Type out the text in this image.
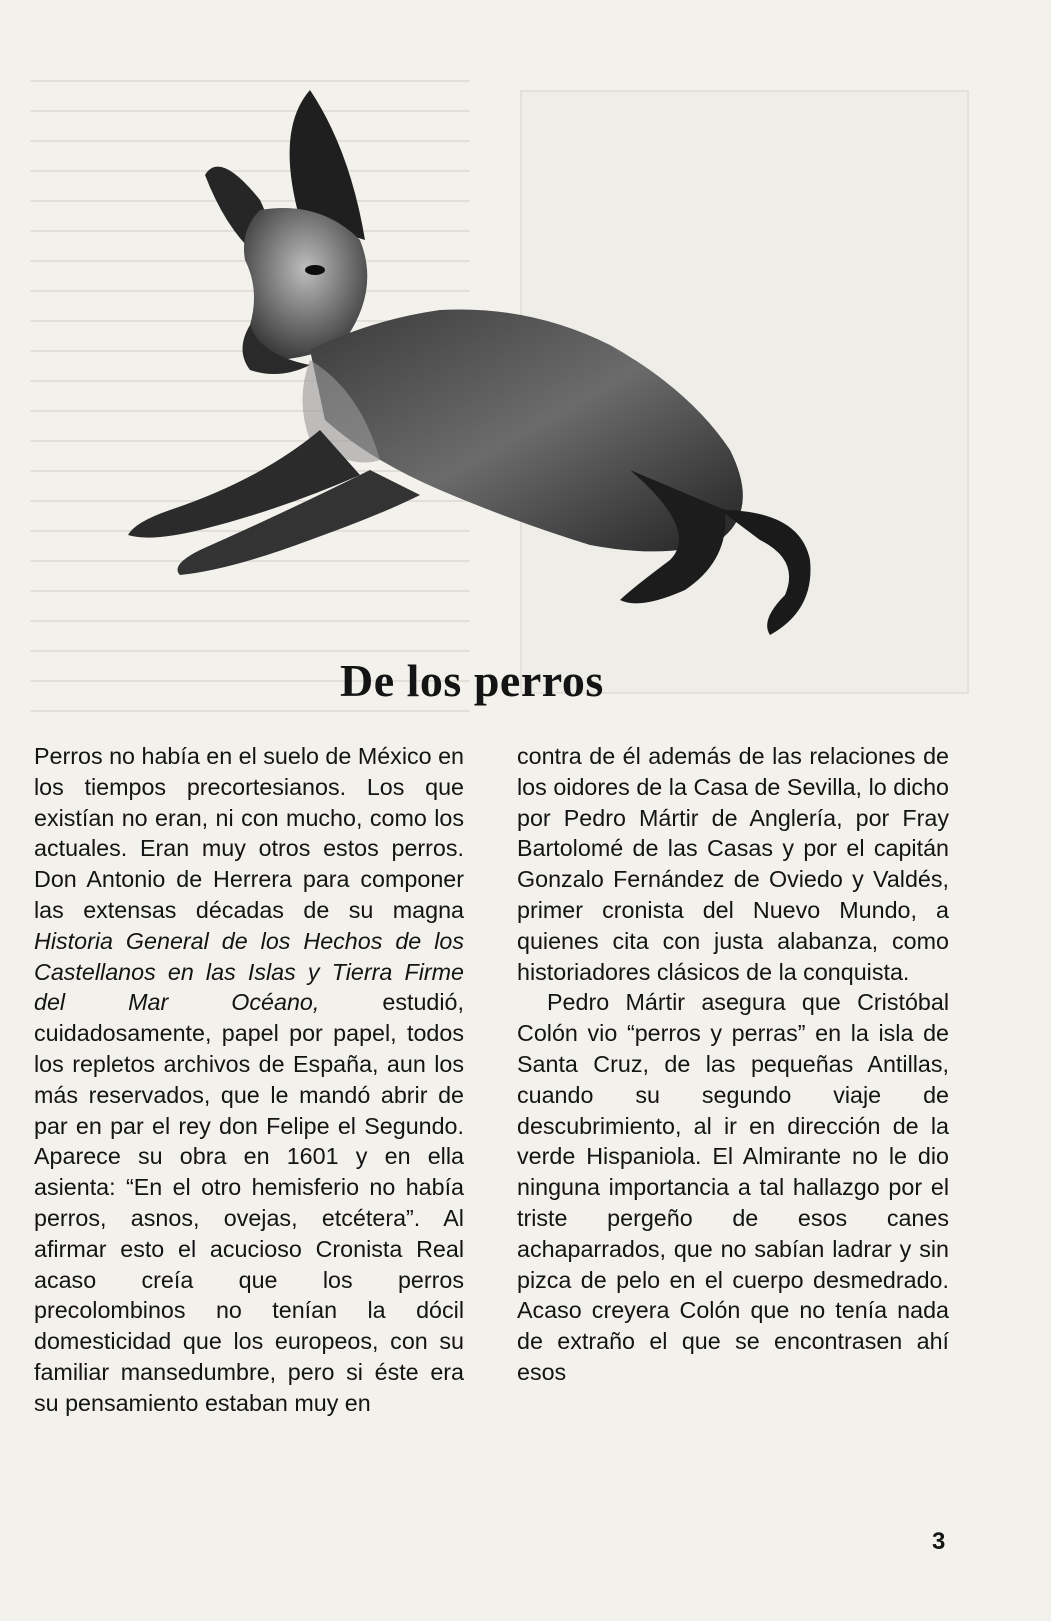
De los perros

Perros no había en el suelo de México en los tiempos precortesianos. Los que existían no eran, ni con mucho, como los actuales. Eran muy otros estos perros. Don Antonio de Herrera para componer las extensas décadas de su magna Historia General de los Hechos de los Castellanos en las Islas y Tierra Firme del Mar Océano, estudió, cuidadosamente, papel por papel, todos los repletos archivos de España, aun los más reservados, que le mandó abrir de par en par el rey don Felipe el Segundo. Aparece su obra en 1601 y en ella asienta: “En el otro hemisferio no había perros, asnos, ovejas, etcétera”. Al afirmar esto el acucioso Cronista Real acaso creía que los perros precolombinos no tenían la dócil domesticidad que los europeos, con su familiar mansedumbre, pero si éste era su pensamiento estaban muy en

contra de él además de las relaciones de los oidores de la Casa de Sevilla, lo dicho por Pedro Mártir de Anglería, por Fray Bartolomé de las Casas y por el capitán Gonzalo Fernández de Oviedo y Valdés, primer cronista del Nuevo Mundo, a quienes cita con justa alabanza, como historiadores clásicos de la conquista.

Pedro Mártir asegura que Cristóbal Colón vio “perros y perras” en la isla de Santa Cruz, de las pequeñas Antillas, cuando su segundo viaje de descubrimiento, al ir en dirección de la verde Hispaniola. El Almirante no le dio ninguna importancia a tal hallazgo por el triste pergeño de esos canes achaparrados, que no sabían ladrar y sin pizca de pelo en el cuerpo desmedrado. Acaso creyera Colón que no tenía nada de extraño el que se encontrasen ahí esos

3
